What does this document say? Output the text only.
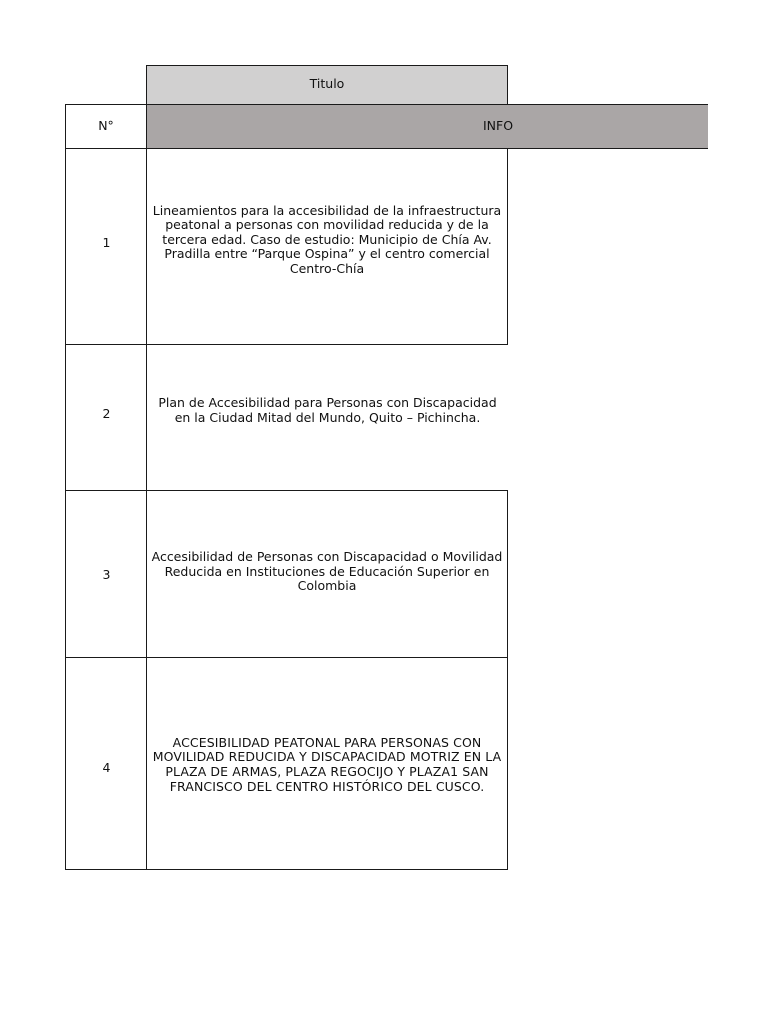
Titulo
N°	INFO
1
Lineamientos para la accesibilidad de la infraestructura peatonal a personas con movilidad reducida y de la tercera edad. Caso de estudio: Municipio de Chía Av. Pradilla entre “Parque Ospina” y el centro comercial Centro-Chía
2
Plan de Accesibilidad para Personas con Discapacidad en la Ciudad Mitad del Mundo, Quito – Pichincha.
3
Accesibilidad de Personas con Discapacidad o Movilidad Reducida en Instituciones de Educación Superior en Colombia
4
ACCESIBILIDAD PEATONAL PARA PERSONAS CON MOVILIDAD REDUCIDA Y DISCAPACIDAD MOTRIZ EN LA PLAZA DE ARMAS, PLAZA REGOCIJO Y PLAZA1 SAN FRANCISCO DEL CENTRO HISTÓRICO DEL CUSCO.
